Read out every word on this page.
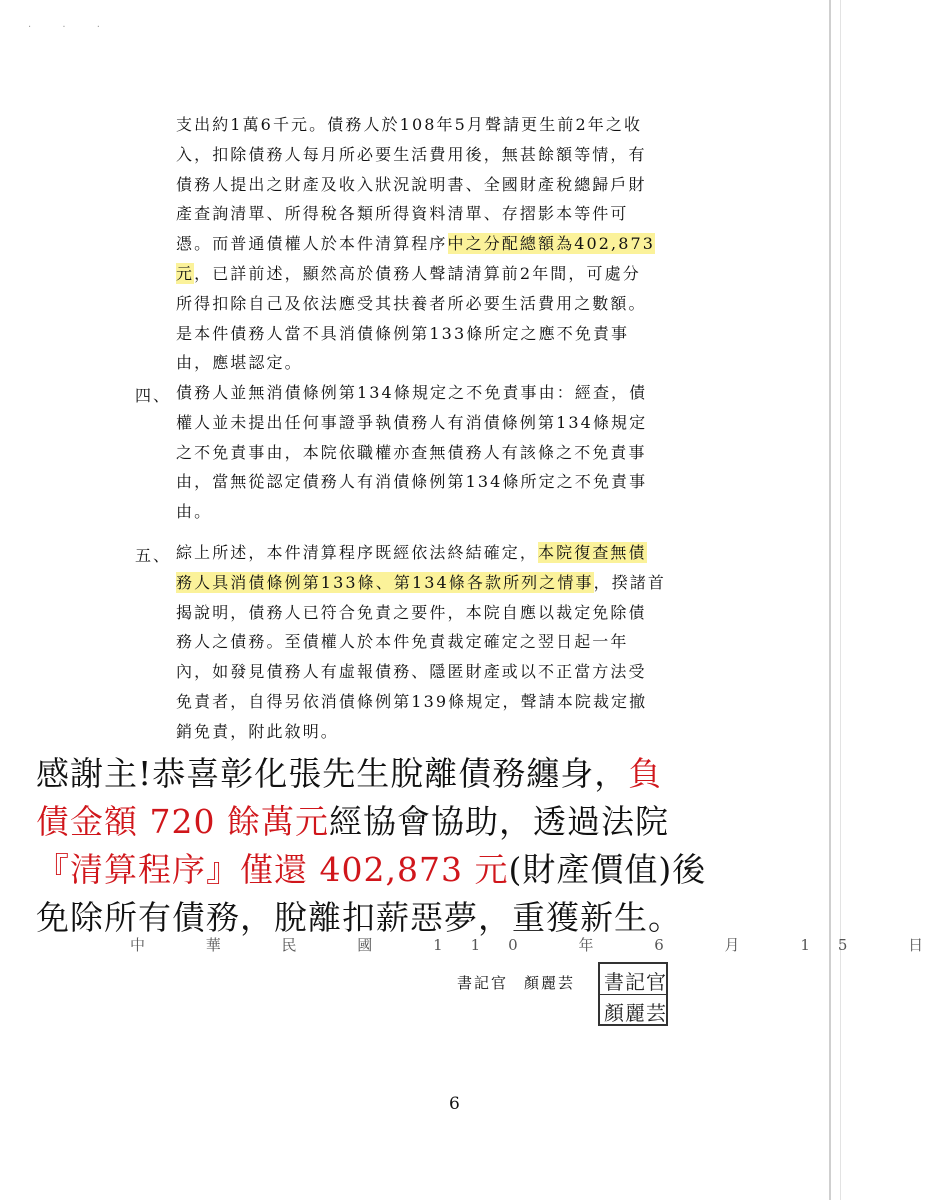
· · ·
支出約1萬6千元。債務人於108年5月聲請更生前2年之收
入，扣除債務人每月所必要生活費用後，無甚餘額等情，有
債務人提出之財產及收入狀況說明書、全國財產稅總歸戶財
產查詢清單、所得稅各類所得資料清單、存摺影本等件可
憑。而普通債權人於本件清算程序中之分配總額為402,873
元，已詳前述，顯然高於債務人聲請清算前2年間，可處分
所得扣除自己及依法應受其扶養者所必要生活費用之數額。
是本件債務人當不具消債條例第133條所定之應不免責事
由，應堪認定。
四、 債務人並無消債條例第134條規定之不免責事由：經查，債
權人並未提出任何事證爭執債務人有消債條例第134條規定
之不免責事由，本院依職權亦查無債務人有該條之不免責事
由，當無從認定債務人有消債條例第134條所定之不免責事
由。
五、 綜上所述，本件清算程序既經依法終結確定，本院復查無債
務人具消債條例第133條、第134條各款所列之情事，揆諸首
揭說明，債務人已符合免責之要件，本院自應以裁定免除債
務人之債務。至債權人於本件免責裁定確定之翌日起一年
內，如發見債務人有虛報債務、隱匿財產或以不正當方法受
免責者，自得另依消債條例第139條規定，聲請本院裁定撤
銷免責，附此敘明。
中 華 民 國 110 年 6 月 15 日
感謝主!恭喜彰化張先生脫離債務纏身，負
債金額 720 餘萬元經協會協助，透過法院
『清算程序』僅還 402,873 元(財產價值)後
免除所有債務，脫離扣薪惡夢，重獲新生。
書記官 顏麗芸	書記官
顏麗芸
6
